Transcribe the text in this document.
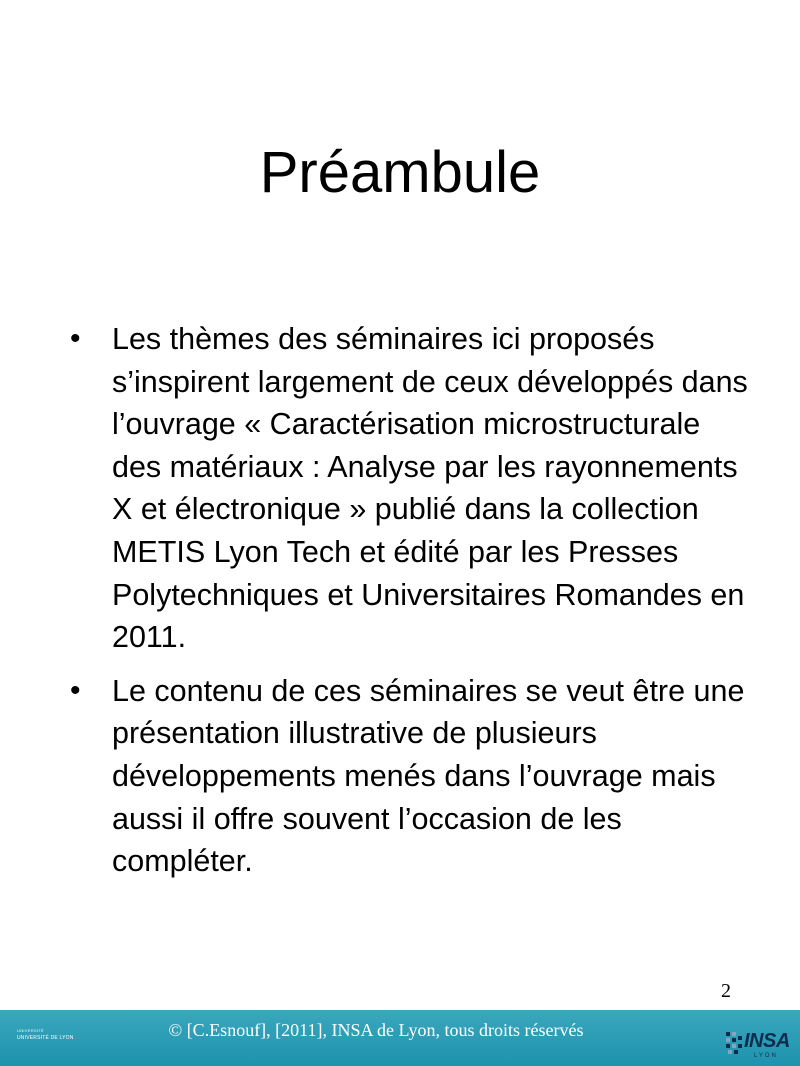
Préambule
• Les thèmes des séminaires ici proposés s’inspirent largement de ceux développés dans l’ouvrage « Caractérisation microstructurale des matériaux : Analyse par les rayonnements X et électronique » publié dans la collection METIS Lyon Tech et édité par les Presses Polytechniques et Universitaires Romandes en 2011.
• Le contenu de ces séminaires se veut être une présentation illustrative de plusieurs développements menés dans l’ouvrage mais aussi il offre souvent l’occasion de les compléter.
2
UNIVERSITÉ
UNIVERSITÉ DE LYON	© [C.Esnouf], [2011], INSA de Lyon, tous droits réservés	INSA
LYON
